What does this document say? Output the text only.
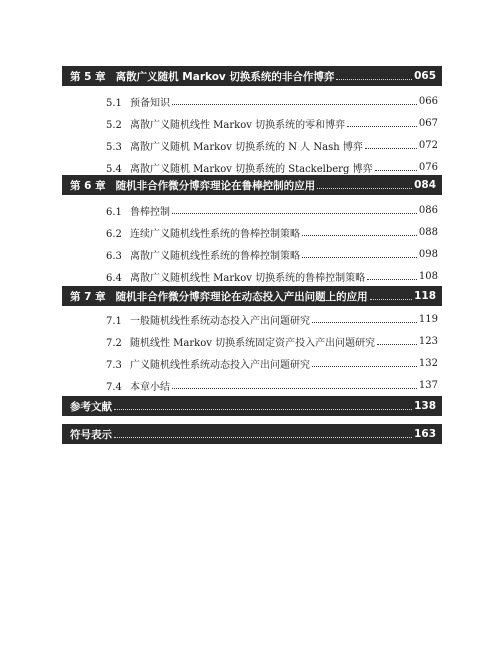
第 5 章 离散广义随机 Markov 切换系统的非合作博弈	065
5.1 预备知识	066
5.2 离散广义随机线性 Markov 切换系统的零和博弈	067
5.3 离散广义随机 Markov 切换系统的 N 人 Nash 博弈	072
5.4 离散广义随机 Markov 切换系统的 Stackelberg 博弈	076
第 6 章 随机非合作微分博弈理论在鲁棒控制的应用	084
6.1 鲁棒控制	086
6.2 连续广义随机线性系统的鲁棒控制策略	088
6.3 离散广义随机线性系统的鲁棒控制策略	098
6.4 离散广义随机线性 Markov 切换系统的鲁棒控制策略	108
第 7 章 随机非合作微分博弈理论在动态投入产出问题上的应用	118
7.1 一般随机线性系统动态投入产出问题研究	119
7.2 随机线性 Markov 切换系统固定资产投入产出问题研究	123
7.3 广义随机线性系统动态投入产出问题研究	132
7.4 本章小结	137
参考文献	138
符号表示	163
